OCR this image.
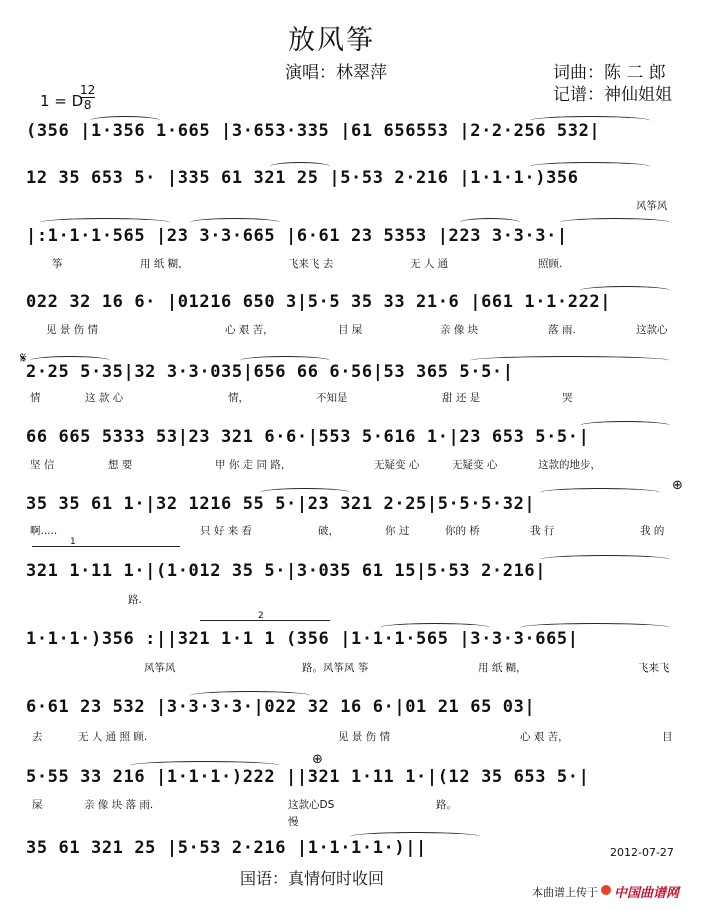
放风筝
演唱：林翠萍	词曲：陈 二 郎
记谱：神仙姐姐
1 = D
12
8
(356 |1·356 1·665 |3·653·335 |61 656553 |2·2·256 532|
12 35 653 5· |335 61 321 25 |5·53 2·216 |1·1·1·)356
|:1·1·1·565 |23 3·3·665 |6·61 23 5353 |223 3·3·3·|
022 32 16 6· |01216 650 3|5·5 35 33 21·6 |661 1·1·222|
2·25 5·35|32 3·3·035|656 66 6·56|53 365 5·5·|
66 665 5333 53|23 321 6·6·|553 5·616 1·|23 653 5·5·|
35 35 61 1·|32 1216 55 5·|23 321 2·25|5·5·5·32|
321 1·11 1·|(1·012 35 5·|3·035 61 15|5·53 2·216|
1·1·1·)356 :||321 1·1 1 (356 |1·1·1·565 |3·3·3·665|
6·61 23 532 |3·3·3·3·|022 32 16 6·|01 21 65 03|
5·55 33 216 |1·1·1·)222 ||321 1·11 1·|(12 35 653 5·|
35 61 321 25 |5·53 2·216 |1·1·1·1·)||
1
2
𝄋
⊕
⊕
风筝风
筝	用 纸 糊，	飞来飞 去	无 人 通	照顾.
见 景 伤 情	心 艰 苦，	目 屎	亲 像 块	落 雨.	这款心
情	这 款 心	情，	不知是	甜 还 是	哭
坚 信	想 要	甲 你 走 同 路，	无疑变 心	无疑变 心	这款的地步，
啊.....	只 好 来 看	破，	你 过	你的 桥	我 行	我 的
路.
风筝风	路。风筝风 筝	用 纸 糊，	飞来飞
去	无 人 通 照 顾.	见 景 伤 情	心 艰 苦，	目
屎	亲 像 块 落 雨.	这款心DS	路。
慢
2012-07-27
国语：真情何时收回
本曲谱上传于 中国曲谱网
